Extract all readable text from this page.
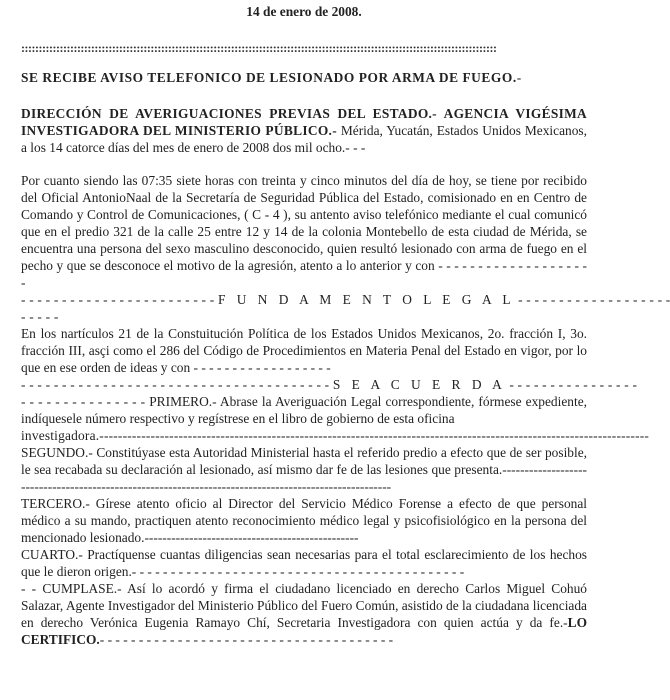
14 de enero de 2008.
::::::::::::::::::::::::::::::::::::::::::::::::::::::::::::::::::::::::::::::::::::::::::::::::::::::::::::::::::::::::::::::::::::::::
SE RECIBE AVISO TELEFONICO DE LESIONADO POR ARMA DE FUEGO.-

DIRECCIÓN DE AVERIGUACIONES PREVIAS DEL ESTADO.- AGENCIA VIGÉSIMA INVESTIGADORA DEL MINISTERIO PÚBLICO.- Mérida, Yucatán, Estados Unidos Mexicanos, a los 14 catorce días del mes de enero de 2008 dos mil ocho.- - -

Por cuanto siendo las 07:35 siete horas con treinta y cinco minutos del día de hoy, se tiene por recibido del Oficial AntonioNaal de la Secretaría de Seguridad Pública del Estado, comisionado en en Centro de Comando y Control de Comunicaciones, ( C - 4 ), su antento aviso telefónico mediante el cual comunicó que en el predio 321 de la calle 25 entre 12 y 14 de la colonia Montebello de esta ciudad de Mérida, se encuentra una persona del sexo masculino desconocido, quien resultó lesionado con arma de fuego en el pecho y que se desconoce el motivo de la agresión, atento a lo anterior y con - - - - - - - - - - - - - - - - - - - -

- - - - - - - - - - - - - - - - - - - - - - - - F U N D A M E N T O L E G A L - - - - - - - - - - - - - - - - - - -
- - - - -

En los nartículos 21 de la Constuitución Política de los Estados Unidos Mexicanos, 2o. fracción I, 3o. fracción III, asçi como el 286 del Código de Procedimientos en Materia Penal del Estado en vigor, por lo que en ese orden de ideas y con - - - - - - - - - - - - - - - - - -

- - - - - - - - - - - - - - - - - - - - - - - - - - - - - - - - - - - - - - S E A C U E R D A - - - - - - - - - - - - - - - -

- - - - - - - - - - - - - - - PRIMERO.- Abrase la Averiguación Legal correspondiente, fórmese expediente, indíquesele número respectivo y regístrese en el libro de gobierno de esta oficina

investigadora.----------------------------------------------------------------------------------------------------------------------

SEGUNDO.- Constitúyase esta Autoridad Ministerial hasta el referido predio a efecto que de ser posible, le sea recabada su declaración al lesionado, así mismo dar fe de las lesiones que presenta.------------------------------------------------------------------------------------------------------

TERCERO.- Gírese atento oficio al Director del Servicio Médico Forense a efecto de que personal médico a su mando, practiquen atento reconocimiento médico legal y psicofisiológico en la persona del mencionado lesionado.------------------------------------------------

CUARTO.- Practíquense cuantas diligencias sean necesarias para el total esclarecimiento de los hechos que le dieron origen.- - - - - - - - - - - - - - - - - - - - - - - - - - - - - - - - - - - - - - - - - - -

- - CUMPLASE.- Así lo acordó y firma el ciudadano licenciado en derecho Carlos Miguel Cohuó Salazar, Agente Investigador del Ministerio Público del Fuero Común, asistido de la ciudadana licenciada en derecho Verónica Eugenia Ramayo Chí, Secretaria Investigadora con quien actúa y da fe.-LO CERTIFICO.- - - - - - - - - - - - - - - - - - - - - - - - - - - - - - - - - - - - - -
